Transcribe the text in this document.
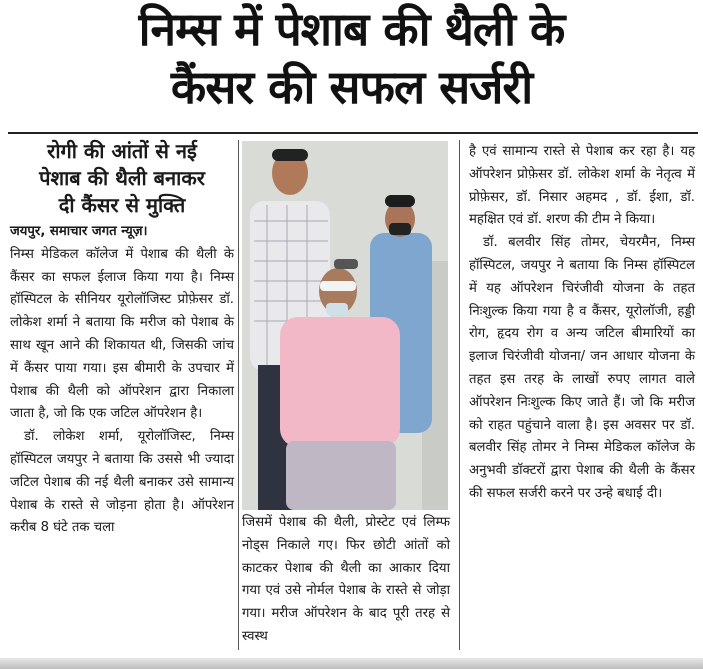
निम्स में पेशाब की थैली के
कैंसर की सफल सर्जरी
रोगी की आंतों से नई
पेशाब की थैली बनाकर
दी कैंसर से मुक्ति

जयपुर, समाचार जगत न्यूज़।

निम्स मेडिकल कॉलेज में पेशाब की थैली के कैंसर का सफल ईलाज किया गया है। निम्स हॉस्पिटल के सीनियर यूरोलॉजिस्ट प्रोफ़ेसर डॉ. लोकेश शर्मा ने बताया कि मरीज को पेशाब के साथ खून आने की शिकायत थी, जिसकी जांच में कैंसर पाया गया। इस बीमारी के उपचार में पेशाब की थैली को ऑपरेशन द्वारा निकाला जाता है, जो कि एक जटिल ऑपरेशन है।

डॉ. लोकेश शर्मा, यूरोलॉजिस्ट, निम्स हॉस्पिटल जयपुर ने बताया कि उससे भी ज्यादा जटिल पेशाब की नई थैली बनाकर उसे सामान्य पेशाब के रास्ते से जोड़ना होता है। ऑपरेशन करीब 8 घंटे तक चला	जिसमें पेशाब की थैली, प्रोस्टेट एवं लिम्फ नोड्स निकाले गए। फिर छोटी आंतों को काटकर पेशाब की थैली का आकार दिया गया एवं उसे नोर्मल पेशाब के रास्ते से जोड़ा गया। मरीज ऑपरेशन के बाद पूरी तरह से स्वस्थ

है एवं सामान्य रास्ते से पेशाब कर रहा है। यह ऑपरेशन प्रोफ़ेसर डॉ. लोकेश शर्मा के नेतृत्व में प्रोफ़ेसर, डॉ. निसार अहमद , डॉ. ईशा, डॉ. महक्षित एवं डॉ. शरण की टीम ने किया।

डॉ. बलवीर सिंह तोमर, चेयरमैन, निम्स हॉस्पिटल, जयपुर ने बताया कि निम्स हॉस्पिटल में यह ऑपरेशन चिरंजीवी योजना के तहत निःशुल्क किया गया है व कैंसर, यूरोलॉजी, हड्डी रोग, हृदय रोग व अन्य जटिल बीमारियों का इलाज चिरंजीवी योजना/ जन आधार योजना के तहत इस तरह के लाखों रुपए लागत वाले ऑपरेशन निःशुल्क किए जाते हैं। जो कि मरीज को राहत पहुंचाने वाला है। इस अवसर पर डॉ. बलवीर सिंह तोमर ने निम्स मेडिकल कॉलेज के अनुभवी डॉक्टरों द्वारा पेशाब की थैली के कैंसर की सफल सर्जरी करने पर उन्हे बधाई दी।
